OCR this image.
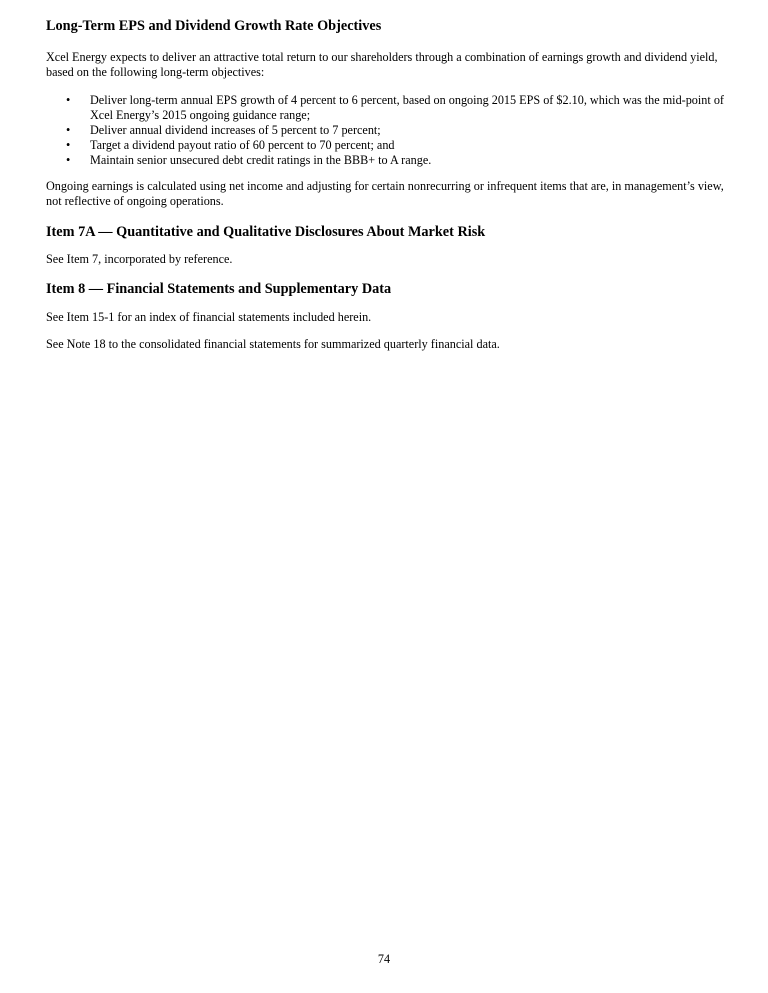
Long-Term EPS and Dividend Growth Rate Objectives

Xcel Energy expects to deliver an attractive total return to our shareholders through a combination of earnings growth and dividend yield, based on the following long-term objectives:

• Deliver long-term annual EPS growth of 4 percent to 6 percent, based on ongoing 2015 EPS of $2.10, which was the mid-point of Xcel Energy’s 2015 ongoing guidance range;
• Deliver annual dividend increases of 5 percent to 7 percent;
• Target a dividend payout ratio of 60 percent to 70 percent; and
• Maintain senior unsecured debt credit ratings in the BBB+ to A range.

Ongoing earnings is calculated using net income and adjusting for certain nonrecurring or infrequent items that are, in management’s view, not reflective of ongoing operations.

Item 7A — Quantitative and Qualitative Disclosures About Market Risk

See Item 7, incorporated by reference.

Item 8 — Financial Statements and Supplementary Data

See Item 15-1 for an index of financial statements included herein.

See Note 18 to the consolidated financial statements for summarized quarterly financial data.

74
